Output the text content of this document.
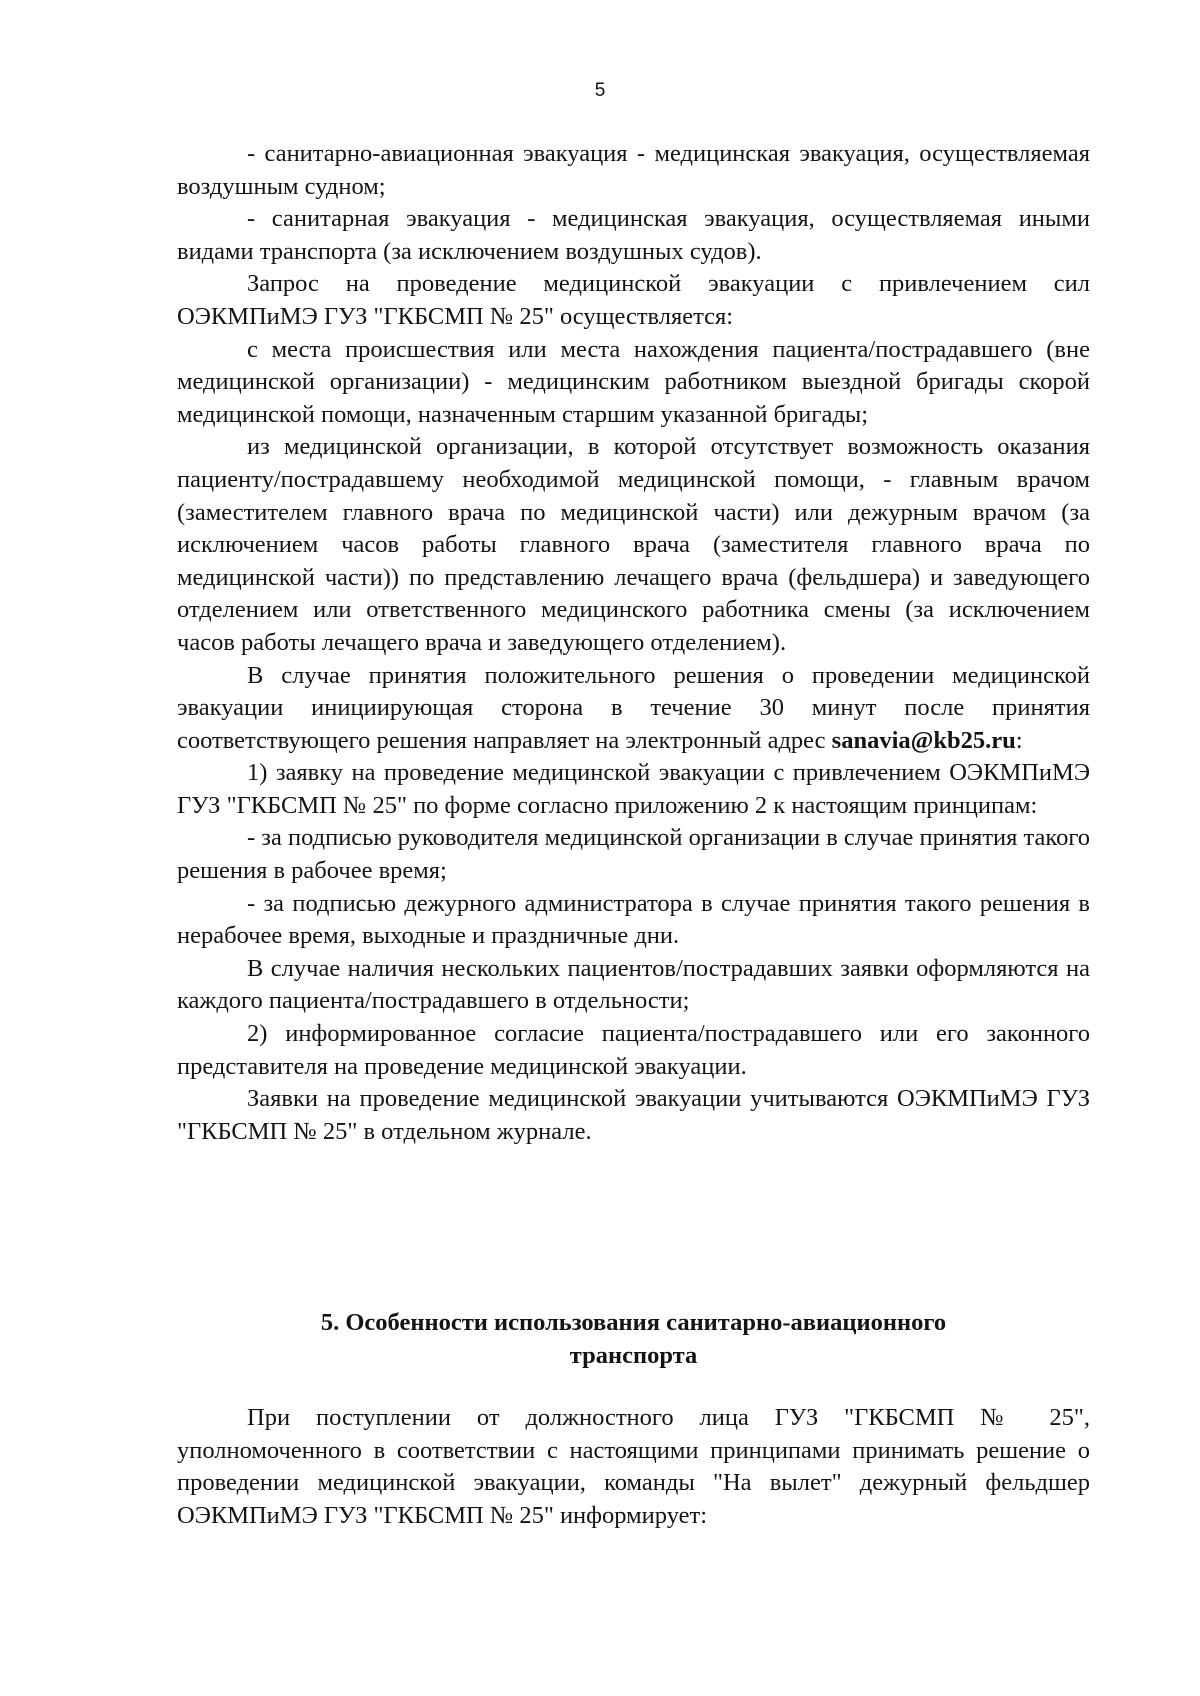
5

- санитарно-авиационная эвакуация - медицинская эвакуация, осуществляемая воздушным судном;

- санитарная эвакуация - медицинская эвакуация, осуществляемая иными видами транспорта (за исключением воздушных судов).

Запрос на проведение медицинской эвакуации с привлечением сил ОЭКМПиМЭ ГУЗ "ГКБСМП № 25" осуществляется:

с места происшествия или места нахождения пациента/пострадавшего (вне медицинской организации) - медицинским работником выездной бригады скорой медицинской помощи, назначенным старшим указанной бригады;

из медицинской организации, в которой отсутствует возможность оказания пациенту/пострадавшему необходимой медицинской помощи, - главным врачом (заместителем главного врача по медицинской части) или дежурным врачом (за исключением часов работы главного врача (заместителя главного врача по медицинской части)) по представлению лечащего врача (фельдшера) и заведующего отделением или ответственного медицинского работника смены (за исключением часов работы лечащего врача и заведующего отделением).

В случае принятия положительного решения о проведении медицинской эвакуации инициирующая сторона в течение 30 минут после принятия соответствующего решения направляет на электронный адрес sanavia@kb25.ru:

1) заявку на проведение медицинской эвакуации с привлечением ОЭКМПиМЭ ГУЗ "ГКБСМП № 25" по форме согласно приложению 2 к настоящим принципам:

- за подписью руководителя медицинской организации в случае принятия такого решения в рабочее время;

- за подписью дежурного администратора в случае принятия такого решения в нерабочее время, выходные и праздничные дни.

В случае наличия нескольких пациентов/пострадавших заявки оформляются на каждого пациента/пострадавшего в отдельности;

2) информированное согласие пациента/пострадавшего или его законного представителя на проведение медицинской эвакуации.

Заявки на проведение медицинской эвакуации учитываются ОЭКМПиМЭ ГУЗ "ГКБСМП № 25" в отдельном журнале.

5. Особенности использования санитарно-авиационного
транспорта

При поступлении от должностного лица ГУЗ "ГКБСМП № 25", уполномоченного в соответствии с настоящими принципами принимать решение о проведении медицинской эвакуации, команды "На вылет" дежурный фельдшер ОЭКМПиМЭ ГУЗ "ГКБСМП № 25" информирует:
